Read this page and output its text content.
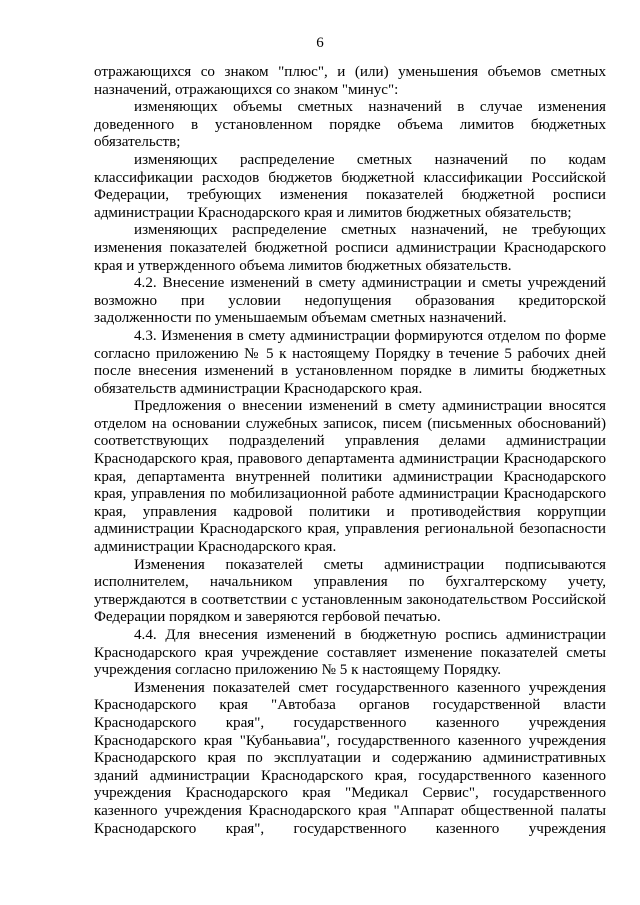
6

отражающихся со знаком "плюс", и (или) уменьшения объемов сметных назначений, отражающихся со знаком "минус":

изменяющих объемы сметных назначений в случае изменения доведенного в установленном порядке объема лимитов бюджетных обязательств;

изменяющих распределение сметных назначений по кодам классификации расходов бюджетов бюджетной классификации Российской Федерации, требующих изменения показателей бюджетной росписи администрации Краснодарского края и лимитов бюджетных обязательств;

изменяющих распределение сметных назначений, не требующих изменения показателей бюджетной росписи администрации Краснодарского края и утвержденного объема лимитов бюджетных обязательств.

4.2. Внесение изменений в смету администрации и сметы учреждений возможно при условии недопущения образования кредиторской задолженности по уменьшаемым объемам сметных назначений.

4.3. Изменения в смету администрации формируются отделом по форме согласно приложению № 5 к настоящему Порядку в течение 5 рабочих дней после внесения изменений в установленном порядке в лимиты бюджетных обязательств администрации Краснодарского края.

Предложения о внесении изменений в смету администрации вносятся отделом на основании служебных записок, писем (письменных обоснований) соответствующих подразделений управления делами администрации Краснодарского края, правового департамента администрации Краснодарского края, департамента внутренней политики администрации Краснодарского края, управления по мобилизационной работе администрации Краснодарского края, управления кадровой политики и противодействия коррупции администрации Краснодарского края, управления региональной безопасности администрации Краснодарского края.

Изменения показателей сметы администрации подписываются исполнителем, начальником управления по бухгалтерскому учету, утверждаются в соответствии с установленным законодательством Российской Федерации порядком и заверяются гербовой печатью.

4.4. Для внесения изменений в бюджетную роспись администрации Краснодарского края учреждение составляет изменение показателей сметы учреждения согласно приложению № 5 к настоящему Порядку.

Изменения показателей смет государственного казенного учреждения Краснодарского края "Автобаза органов государственной власти Краснодарского края", государственного казенного учреждения Краснодарского края "Кубаньавиа", государственного казенного учреждения Краснодарского края по эксплуатации и содержанию административных зданий администрации Краснодарского края, государственного казенного учреждения Краснодарского края "Медикал Сервис", государственного казенного учреждения Краснодарского края "Аппарат общественной палаты Краснодарского края", государственного казенного учреждения
